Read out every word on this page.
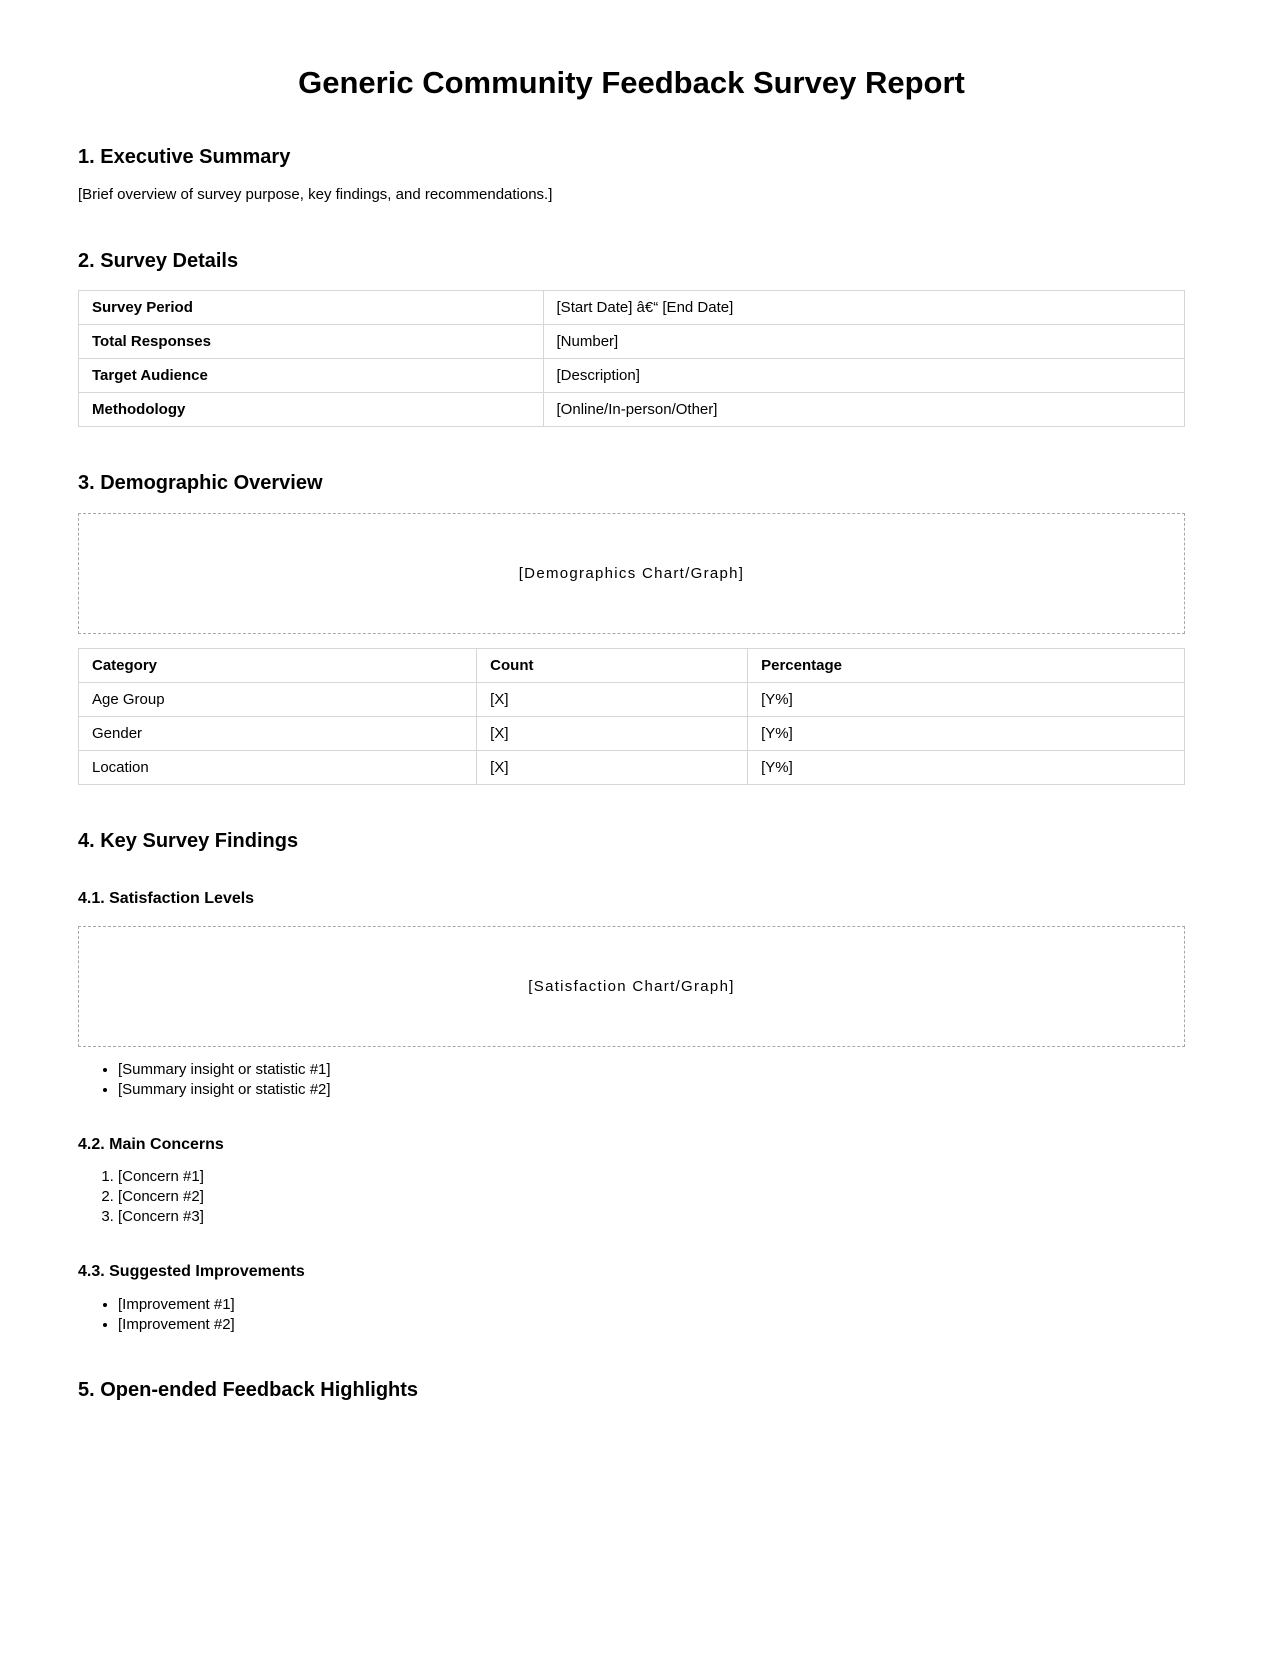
Generic Community Feedback Survey Report
1. Executive Summary

[Brief overview of survey purpose, key findings, and recommendations.]

2. Survey Details
Survey Period	[Start Date] â€“ [End Date]
Total Responses	[Number]
Target Audience	[Description]
Methodology	[Online/In-person/Other]
3. Demographic Overview
[Demographics Chart/Graph]
Category	Count	Percentage
Age Group	[X]	[Y%]
Gender	[X]	[Y%]
Location	[X]	[Y%]
4. Key Survey Findings
4.1. Satisfaction Levels
[Satisfaction Chart/Graph]
• [Summary insight or statistic #1]
• [Summary insight or statistic #2]
4.2. Main Concerns
1. [Concern #1]
2. [Concern #2]
3. [Concern #3]
4.3. Suggested Improvements
• [Improvement #1]
• [Improvement #2]
5. Open-ended Feedback Highlights
